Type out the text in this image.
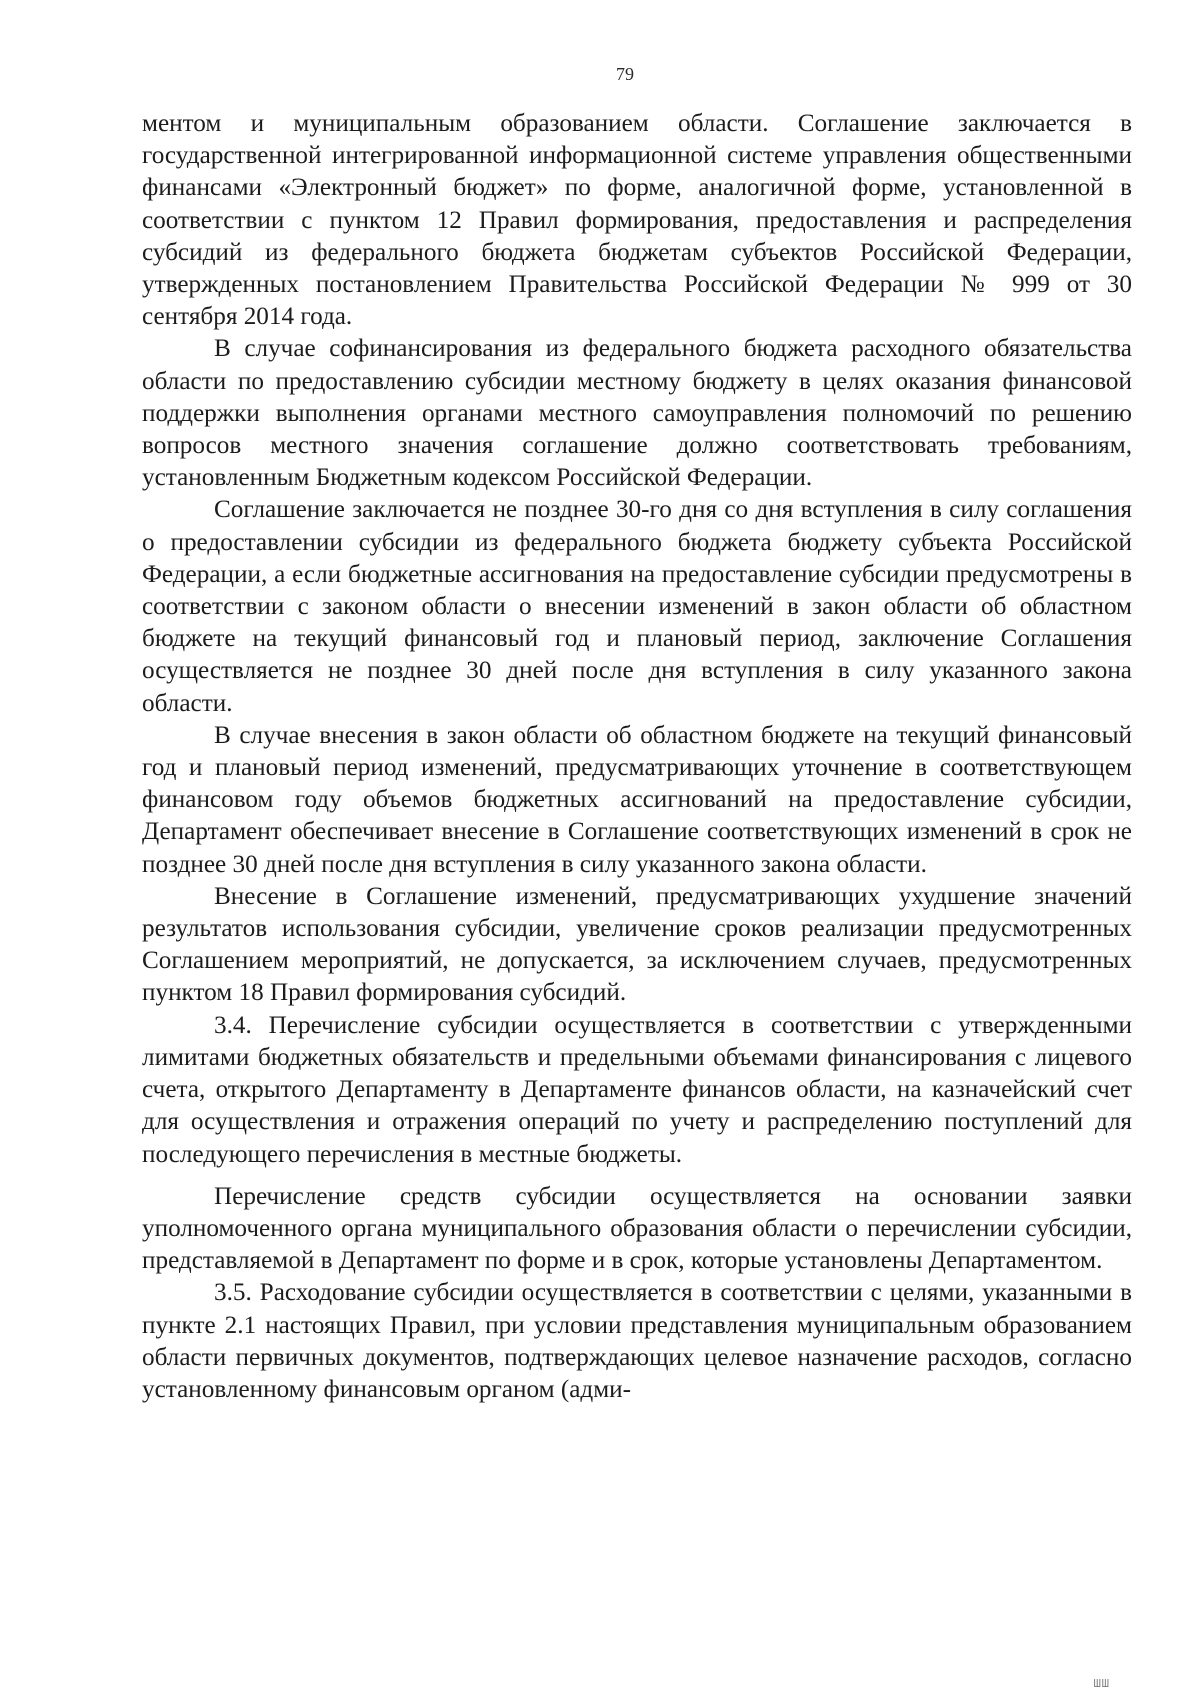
79

ментом и муниципальным образованием области. Соглашение заключается в государственной интегрированной информационной системе управления общественными финансами «Электронный бюджет» по форме, аналогичной форме, установленной в соответствии с пунктом 12 Правил формирования, предоставления и распределения субсидий из федерального бюджета бюджетам субъектов Российской Федерации, утвержденных постановлением Правительства Российской Федерации № 999 от 30 сентября 2014 года.

В случае софинансирования из федерального бюджета расходного обязательства области по предоставлению субсидии местному бюджету в целях оказания финансовой поддержки выполнения органами местного самоуправления полномочий по решению вопросов местного значения соглашение должно соответствовать требованиям, установленным Бюджетным кодексом Российской Федерации.

Соглашение заключается не позднее 30-го дня со дня вступления в силу соглашения о предоставлении субсидии из федерального бюджета бюджету субъекта Российской Федерации, а если бюджетные ассигнования на предоставление субсидии предусмотрены в соответствии с законом области о внесении изменений в закон области об областном бюджете на текущий финансовый год и плановый период, заключение Соглашения осуществляется не позднее 30 дней после дня вступления в силу указанного закона области.

В случае внесения в закон области об областном бюджете на текущий финансовый год и плановый период изменений, предусматривающих уточнение в соответствующем финансовом году объемов бюджетных ассигнований на предоставление субсидии, Департамент обеспечивает внесение в Соглашение соответствующих изменений в срок не позднее 30 дней после дня вступления в силу указанного закона области.

Внесение в Соглашение изменений, предусматривающих ухудшение значений результатов использования субсидии, увеличение сроков реализации предусмотренных Соглашением мероприятий, не допускается, за исключением случаев, предусмотренных пунктом 18 Правил формирования субсидий.

3.4. Перечисление субсидии осуществляется в соответствии с утвержденными лимитами бюджетных обязательств и предельными объемами финансирования с лицевого счета, открытого Департаменту в Департаменте финансов области, на казначейский счет для осуществления и отражения операций по учету и распределению поступлений для последующего перечисления в местные бюджеты.

Перечисление средств субсидии осуществляется на основании заявки уполномоченного органа муниципального образования области о перечислении субсидии, представляемой в Департамент по форме и в срок, которые установлены Департаментом.

3.5. Расходование субсидии осуществляется в соответствии с целями, указанными в пункте 2.1 настоящих Правил, при условии представления муниципальным образованием области первичных документов, подтверждающих целевое назначение расходов, согласно установленному финансовым органом (адми-

ШШ
